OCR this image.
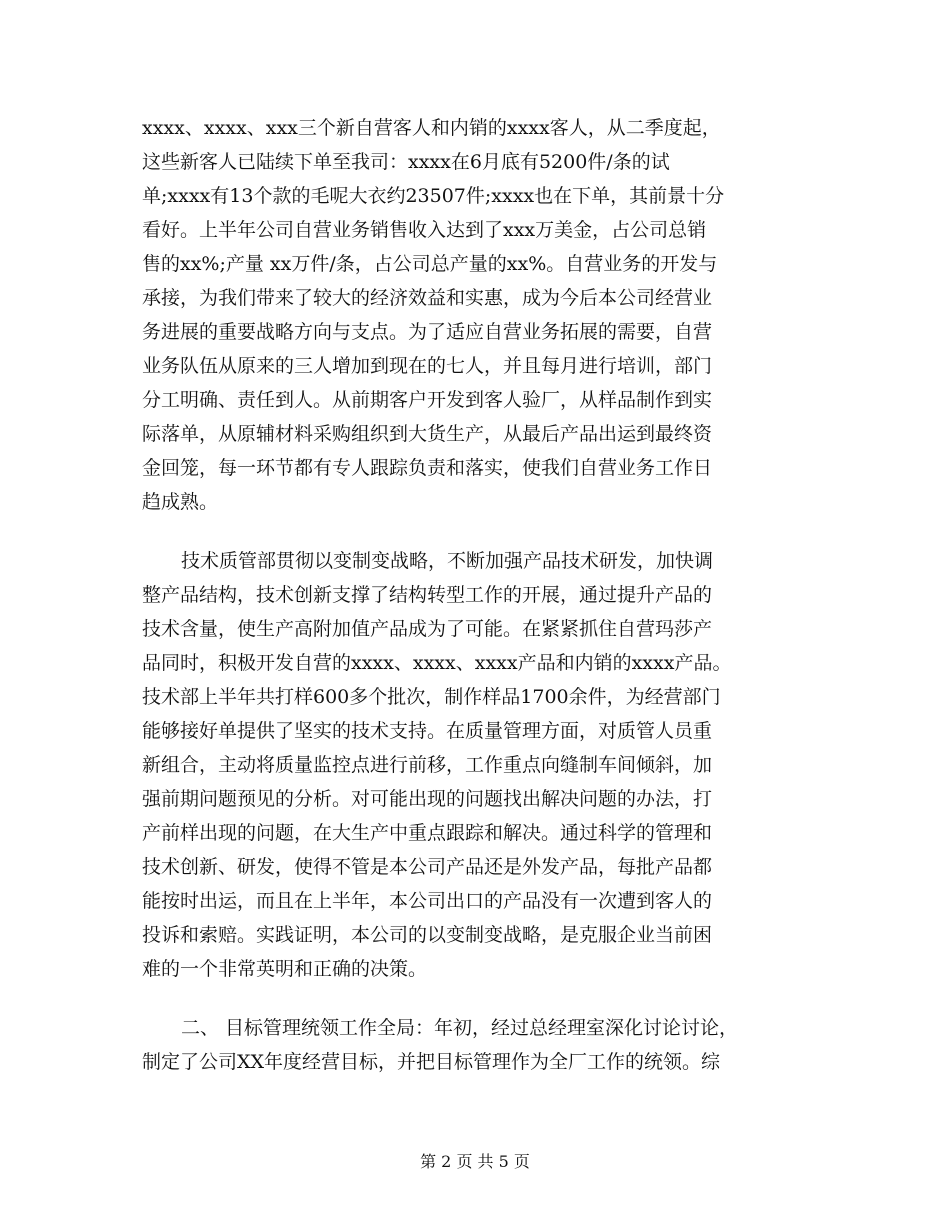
xxxx、xxxx、xxx三个新自营客人和内销的xxxx客人，从二季度起，
这些新客人已陆续下单至我司：xxxx在6月底有5200件/条的试
单;xxxx有13个款的毛呢大衣约23507件;xxxx也在下单，其前景十分
看好。上半年公司自营业务销售收入达到了xxx万美金，占公司总销
售的xx%;产量 xx万件/条，占公司总产量的xx%。自营业务的开发与
承接，为我们带来了较大的经济效益和实惠，成为今后本公司经营业
务进展的重要战略方向与支点。为了适应自营业务拓展的需要，自营
业务队伍从原来的三人增加到现在的七人，并且每月进行培训，部门
分工明确、责任到人。从前期客户开发到客人验厂，从样品制作到实
际落单，从原辅材料采购组织到大货生产，从最后产品出运到最终资
金回笼，每一环节都有专人跟踪负责和落实，使我们自营业务工作日
趋成熟。
技术质管部贯彻以变制变战略，不断加强产品技术研发，加快调
整产品结构，技术创新支撑了结构转型工作的开展，通过提升产品的
技术含量，使生产高附加值产品成为了可能。在紧紧抓住自营玛莎产
品同时，积极开发自营的xxxx、xxxx、xxxx产品和内销的xxxx产品。
技术部上半年共打样600多个批次，制作样品1700余件，为经营部门
能够接好单提供了坚实的技术支持。在质量管理方面，对质管人员重
新组合，主动将质量监控点进行前移，工作重点向缝制车间倾斜，加
强前期问题预见的分析。对可能出现的问题找出解决问题的办法，打
产前样出现的问题，在大生产中重点跟踪和解决。通过科学的管理和
技术创新、研发，使得不管是本公司产品还是外发产品，每批产品都
能按时出运，而且在上半年，本公司出口的产品没有一次遭到客人的
投诉和索赔。实践证明，本公司的以变制变战略，是克服企业当前困
难的一个非常英明和正确的决策。
二、 目标管理统领工作全局：年初，经过总经理室深化讨论讨论，
制定了公司XX年度经营目标，并把目标管理作为全厂工作的统领。综
第 2 页 共 5 页
